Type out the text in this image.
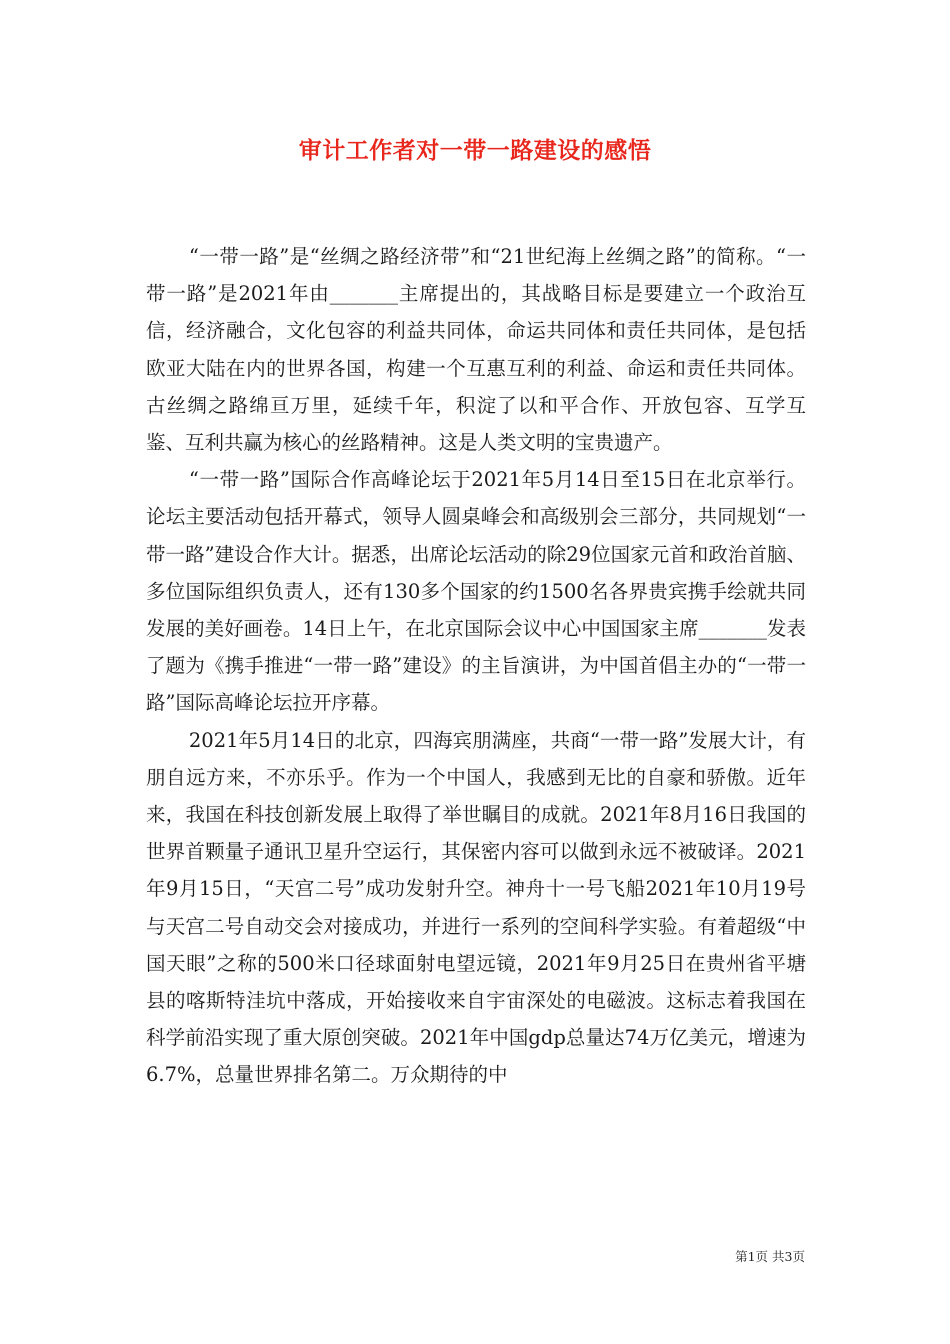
审计工作者对一带一路建设的感悟

“一带一路”是“丝绸之路经济带”和“21世纪海上丝绸之路”的简称。“一带一路”是2021年由_______主席提出的，其战略目标是要建立一个政治互信，经济融合，文化包容的利益共同体，命运共同体和责任共同体，是包括欧亚大陆在内的世界各国，构建一个互惠互利的利益、命运和责任共同体。古丝绸之路绵亘万里，延续千年，积淀了以和平合作、开放包容、互学互鉴、互利共赢为核心的丝路精神。这是人类文明的宝贵遗产。

“一带一路”国际合作高峰论坛于2021年5月14日至15日在北京举行。论坛主要活动包括开幕式，领导人圆桌峰会和高级别会三部分，共同规划“一带一路”建设合作大计。据悉，出席论坛活动的除29位国家元首和政治首脑、多位国际组织负责人，还有130多个国家的约1500名各界贵宾携手绘就共同发展的美好画卷。14日上午，在北京国际会议中心中国国家主席_______发表了题为《携手推进“一带一路”建设》的主旨演讲，为中国首倡主办的“一带一路”国际高峰论坛拉开序幕。

2021年5月14日的北京，四海宾朋满座，共商“一带一路”发展大计，有朋自远方来，不亦乐乎。作为一个中国人，我感到无比的自豪和骄傲。近年来，我国在科技创新发展上取得了举世瞩目的成就。2021年8月16日我国的世界首颗量子通讯卫星升空运行，其保密内容可以做到永远不被破译。2021年9月15日，“天宫二号”成功发射升空。神舟十一号飞船2021年10月19号与天宫二号自动交会对接成功，并进行一系列的空间科学实验。有着超级“中国天眼”之称的500米口径球面射电望远镜，2021年9月25日在贵州省平塘县的喀斯特洼坑中落成，开始接收来自宇宙深处的电磁波。这标志着我国在科学前沿实现了重大原创突破。2021年中国gdp总量达74万亿美元，增速为6.7%，总量世界排名第二。万众期待的中

第1页 共3页
